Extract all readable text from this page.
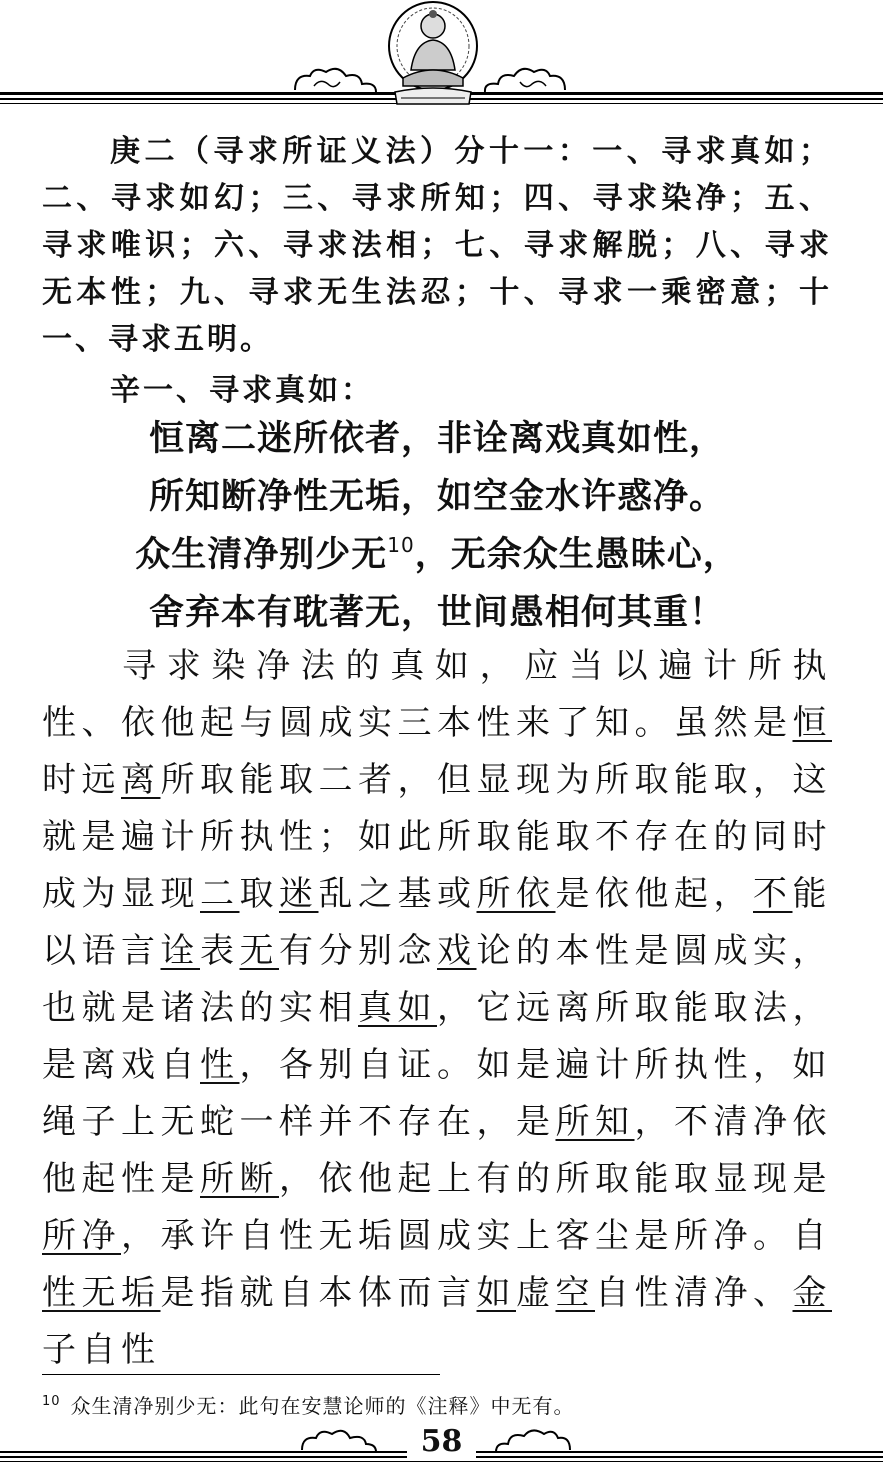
庚二（寻求所证义法）分十一：一、寻求真如；二、寻求如幻；三、寻求所知；四、寻求染净；五、寻求唯识；六、寻求法相；七、寻求解脱；八、寻求无本性；九、寻求无生法忍；十、寻求一乘密意；十一、寻求五明。

辛一、寻求真如：

恒离二迷所依者，非诠离戏真如性，

所知断净性无垢，如空金水许惑净。

众生清净别少无$^{10}$，无余众生愚昧心，

舍弃本有耽著无，世间愚相何其重！

寻求染净法的真如，应当以遍计所执性、依他起与圆成实三本性来了知。虽然是恒时远离所取能取二者，但显现为所取能取，这就是遍计所执性；如此所取能取不存在的同时成为显现二取迷乱之基或所依是依他起，不能以语言诠表无有分别念戏论的本性是圆成实，也就是诸法的实相真如，它远离所取能取法，是离戏自性，各别自证。如是遍计所执性，如绳子上无蛇一样并不存在，是所知，不清净依他起性是所断，依他起上有的所取能取显现是所净，承许自性无垢圆成实上客尘是所净。自性无垢是指就自本体而言如虚空自性清净、金子自性

$^{10}$ 众生清净别少无：此句在安慧论师的《注释》中无有。
58
